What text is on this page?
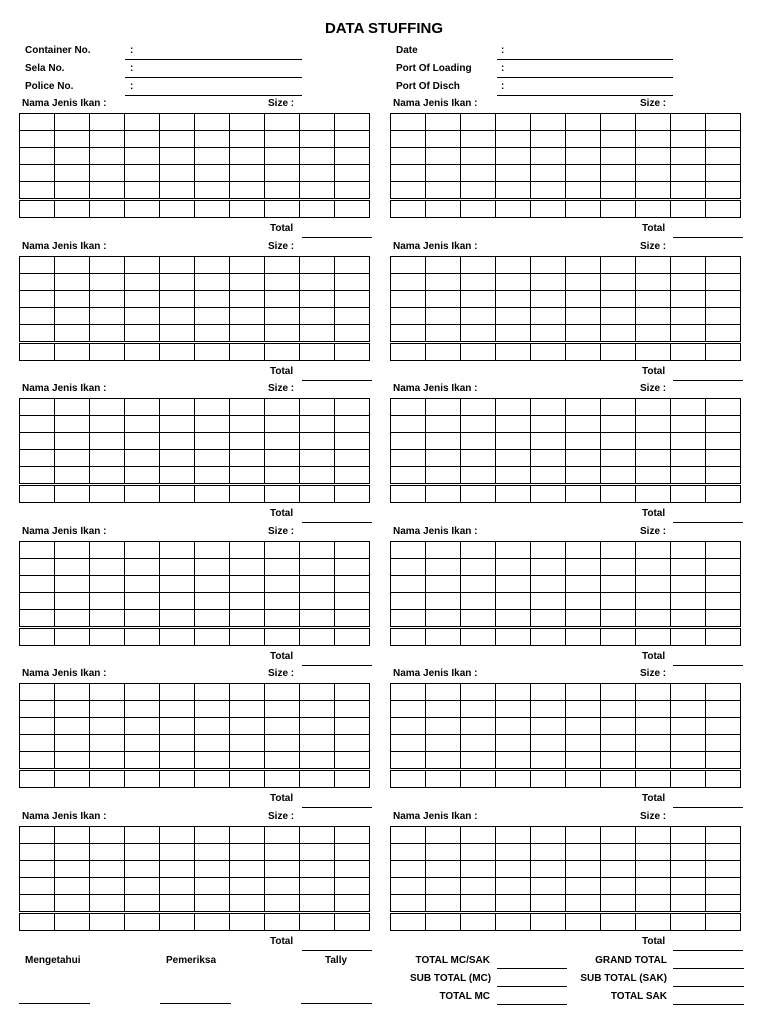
DATA STUFFING
Container No.	:
Sela No.	:
Police No.	:
Date	:
Port Of Loading	:
Port Of Disch	:
Nama Jenis Ikan :	Size :

Total
Nama Jenis Ikan :	Size :

Total
Nama Jenis Ikan :	Size :

Total
Nama Jenis Ikan :	Size :

Total
Nama Jenis Ikan :	Size :

Total
Nama Jenis Ikan :	Size :

Total
Nama Jenis Ikan :	Size :

Total
Nama Jenis Ikan :	Size :

Total
Nama Jenis Ikan :	Size :

Total
Nama Jenis Ikan :	Size :

Total
Nama Jenis Ikan :	Size :

Total
Nama Jenis Ikan :	Size :

Total
Mengetahui	Pemeriksa	Tally	TOTAL MC/SAK
SUB TOTAL (MC)
TOTAL MC
GRAND TOTAL
SUB TOTAL (SAK)
TOTAL SAK
